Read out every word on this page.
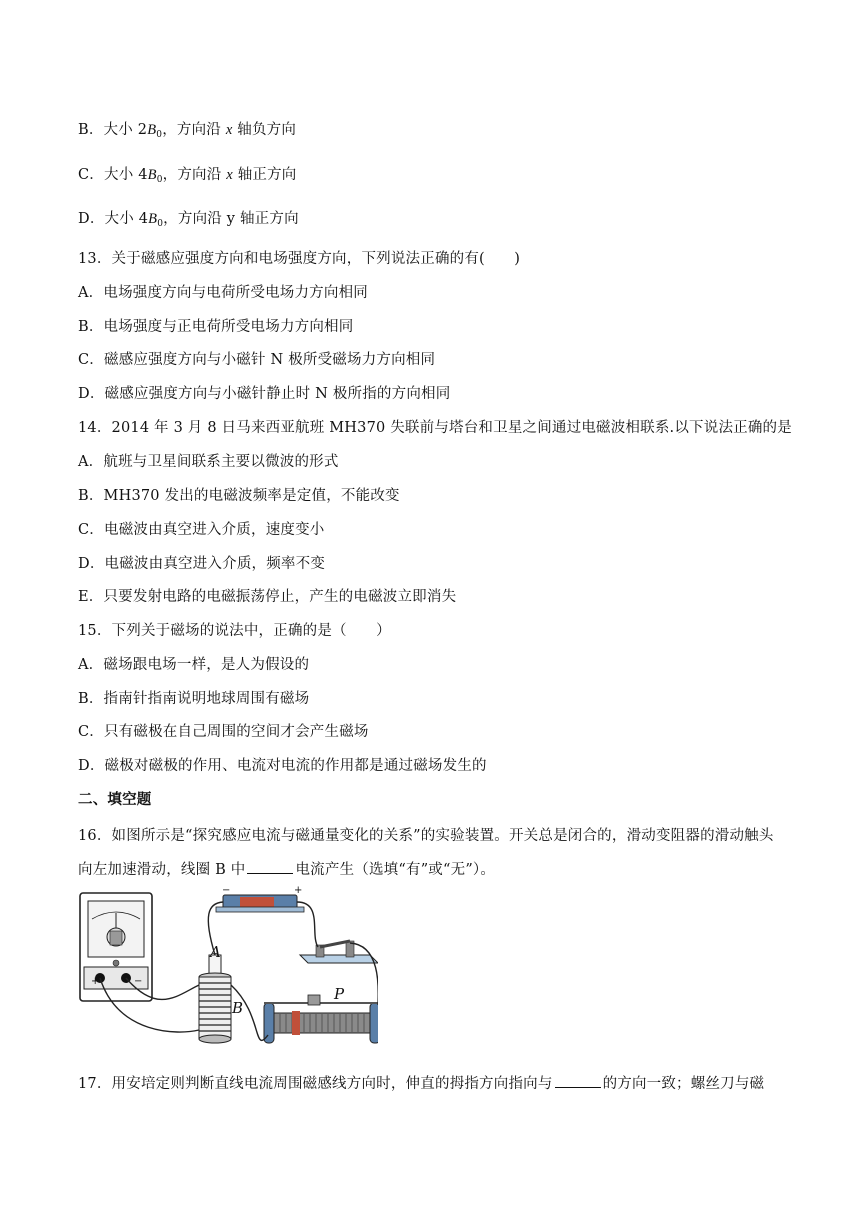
B．大小 $2B_0$，方向沿 x 轴负方向
C．大小 $4B_0$，方向沿 x 轴正方向
D．大小 $4B_0$，方向沿 y 轴正方向
13．关于磁感应强度方向和电场强度方向，下列说法正确的有(　　)
A．电场强度方向与电荷所受电场力方向相同
B．电场强度与正电荷所受电场力方向相同
C．磁感应强度方向与小磁针 N 极所受磁场力方向相同
D．磁感应强度方向与小磁针静止时 N 极所指的方向相同
14．2014 年 3 月 8 日马来西亚航班 MH370 失联前与塔台和卫星之间通过电磁波相联系.以下说法正确的是
A．航班与卫星间联系主要以微波的形式
B．MH370 发出的电磁波频率是定值，不能改变
C．电磁波由真空进入介质，速度变小
D．电磁波由真空进入介质，频率不变
E．只要发射电路的电磁振荡停止，产生的电磁波立即消失
15．下列关于磁场的说法中，正确的是（　　）
A．磁场跟电场一样，是人为假设的
B．指南针指南说明地球周围有磁场
C．只有磁极在自己周围的空间才会产生磁场
D．磁极对磁极的作用、电流对电流的作用都是通过磁场发生的
二、填空题
16．如图所示是“探究感应电流与磁通量变化的关系”的实验装置。开关总是闭合的，滑动变阻器的滑动触头
向左加速滑动，线圈 B 中	电流产生（选填“有”或“无”）。
+	−
−	+
A
B
P
17．用安培定则判断直线电流周围磁感线方向时，伸直的拇指方向指向与	的方向一致；螺丝刀与磁
